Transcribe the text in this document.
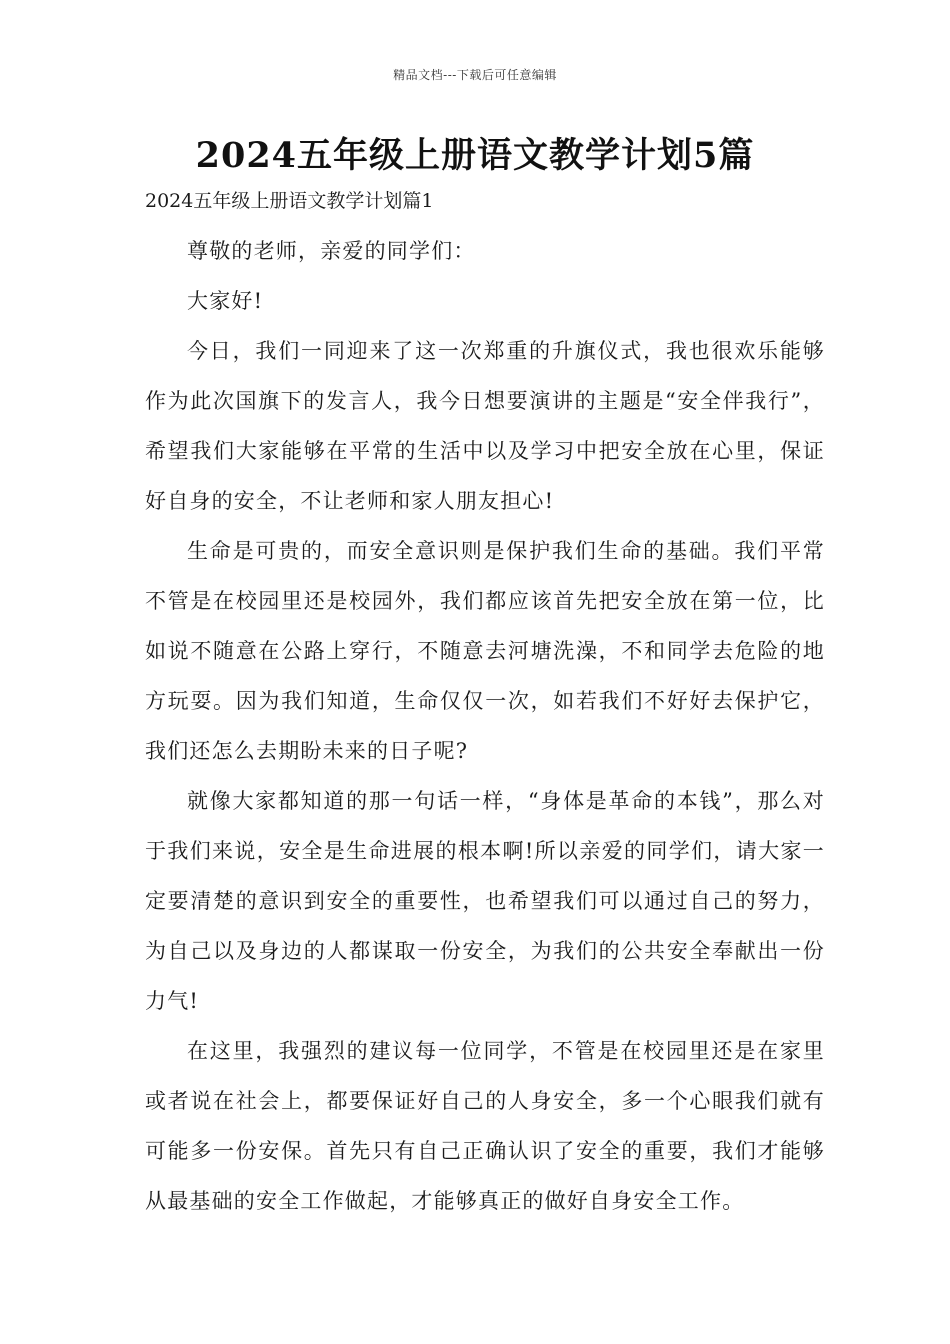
精品文档---下载后可任意编辑
2024五年级上册语文教学计划5篇
2024五年级上册语文教学计划篇1

尊敬的老师，亲爱的同学们：

大家好!

今日，我们一同迎来了这一次郑重的升旗仪式，我也很欢乐能够作为此次国旗下的发言人，我今日想要演讲的主题是“安全伴我行”，希望我们大家能够在平常的生活中以及学习中把安全放在心里，保证好自身的安全，不让老师和家人朋友担心!

生命是可贵的，而安全意识则是保护我们生命的基础。我们平常不管是在校园里还是校园外，我们都应该首先把安全放在第一位，比如说不随意在公路上穿行，不随意去河塘洗澡，不和同学去危险的地方玩耍。因为我们知道，生命仅仅一次，如若我们不好好去保护它，我们还怎么去期盼未来的日子呢?

就像大家都知道的那一句话一样，“身体是革命的本钱”，那么对于我们来说，安全是生命进展的根本啊!所以亲爱的同学们，请大家一定要清楚的意识到安全的重要性，也希望我们可以通过自己的努力，为自己以及身边的人都谋取一份安全，为我们的公共安全奉献出一份力气!

在这里，我强烈的建议每一位同学，不管是在校园里还是在家里或者说在社会上，都要保证好自己的人身安全，多一个心眼我们就有可能多一份安保。首先只有自己正确认识了安全的重要，我们才能够从最基础的安全工作做起，才能够真正的做好自身安全工作。
